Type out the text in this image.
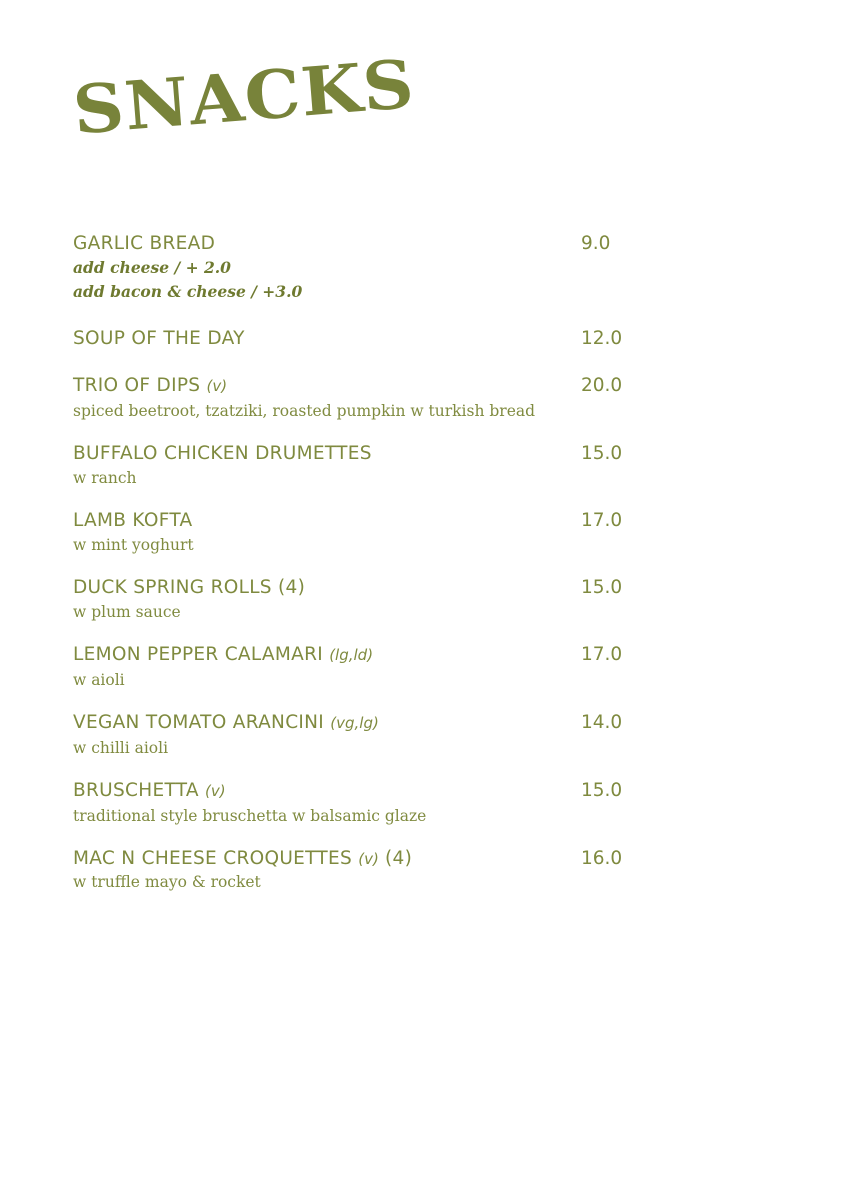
SNACKS
GARLIC BREAD	9.0
add cheese / + 2.0
add bacon & cheese / +3.0
SOUP OF THE DAY	12.0
TRIO OF DIPS (v)	20.0
spiced beetroot, tzatziki, roasted pumpkin w turkish bread
BUFFALO CHICKEN DRUMETTES	15.0
w ranch
LAMB KOFTA	17.0
w mint yoghurt
DUCK SPRING ROLLS (4)	15.0
w plum sauce
LEMON PEPPER CALAMARI (lg,ld)	17.0
w aioli
VEGAN TOMATO ARANCINI (vg,lg)	14.0
w chilli aioli
BRUSCHETTA (v)	15.0
traditional style bruschetta w balsamic glaze
MAC N CHEESE CROQUETTES (v) (4)	16.0
w truffle mayo & rocket
